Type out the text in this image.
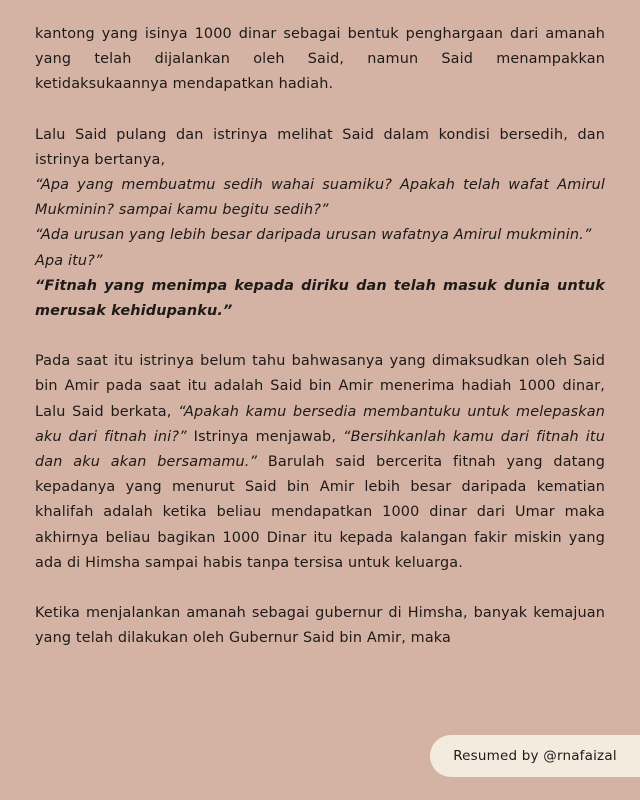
kantong yang isinya 1000 dinar sebagai bentuk penghargaan dari amanah yang telah dijalankan oleh Said, namun Said menampakkan ketidaksukaannya mendapatkan hadiah.

Lalu Said pulang dan istrinya melihat Said dalam kondisi bersedih, dan istrinya bertanya,
“Apa yang membuatmu sedih wahai suamiku? Apakah telah wafat Amirul Mukminin? sampai kamu begitu sedih?”
“Ada urusan yang lebih besar daripada urusan wafatnya Amirul mukminin.”
Apa itu?”
“Fitnah yang menimpa kepada diriku dan telah masuk dunia untuk merusak kehidupanku.”

Pada saat itu istrinya belum tahu bahwasanya yang dimaksudkan oleh Said bin Amir pada saat itu adalah Said bin Amir menerima hadiah 1000 dinar, Lalu Said berkata, “Apakah kamu bersedia membantuku untuk melepaskan aku dari fitnah ini?” Istrinya menjawab, “Bersihkanlah kamu dari fitnah itu dan aku akan bersamamu.” Barulah said bercerita fitnah yang datang kepadanya yang menurut Said bin Amir lebih besar daripada kematian khalifah adalah ketika beliau mendapatkan 1000 dinar dari Umar maka akhirnya beliau bagikan 1000 Dinar itu kepada kalangan fakir miskin yang ada di Himsha sampai habis tanpa tersisa untuk keluarga.

Ketika menjalankan amanah sebagai gubernur di Himsha, banyak kemajuan yang telah dilakukan oleh Gubernur Said bin Amir, maka

Resumed by @rnafaizal
